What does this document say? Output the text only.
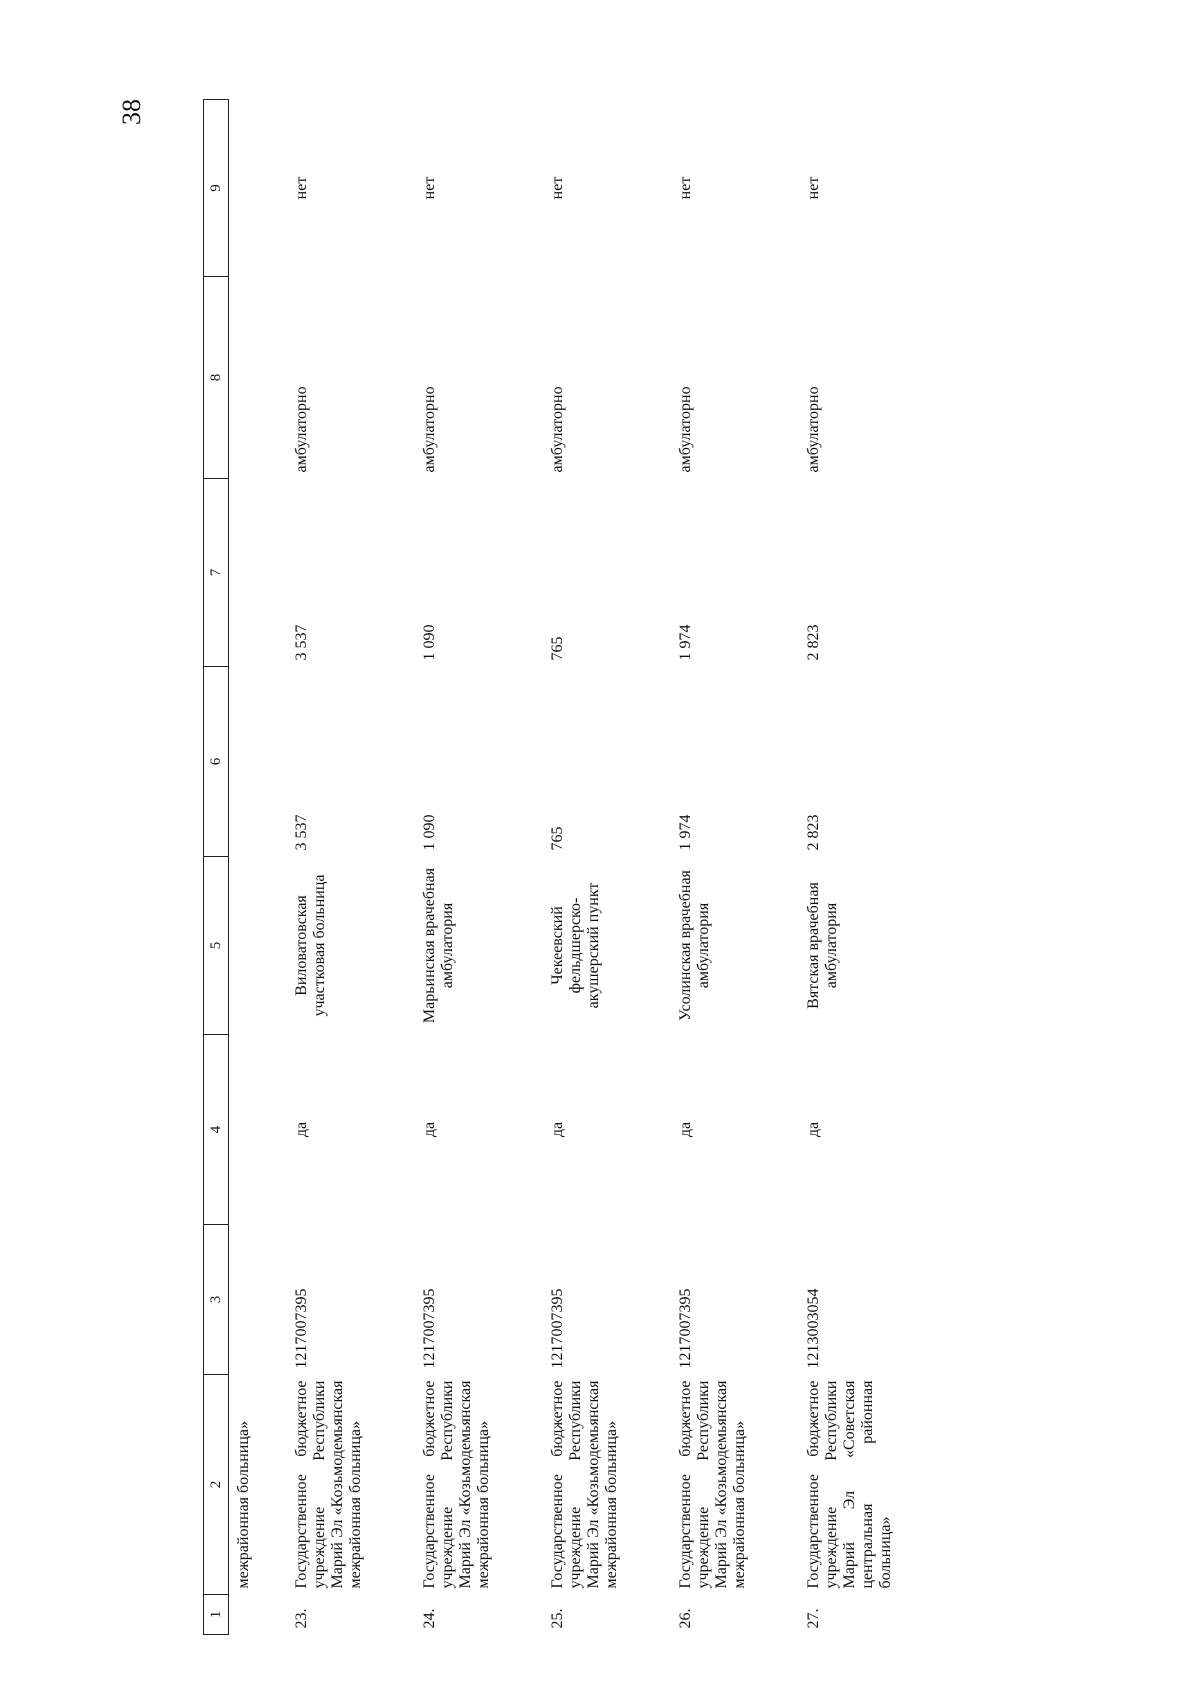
38
1	2	3	4	5	6	7	8	9
	межрайонная больница»							
23.	Государственное бюджетное учреждение Республики Марий Эл «Козьмодемьянская межрайонная больница»	1217007395	да	Виловатовская участковая больница	3 537	3 537	амбулаторно	нет
24.	Государственное бюджетное учреждение Республики Марий Эл «Козьмодемьянская межрайонная больница»	1217007395	да	Марьинская врачебная амбулатория	1 090	1 090	амбулаторно	нет
25.	Государственное бюджетное учреждение Республики Марий Эл «Козьмодемьянская межрайонная больница»	1217007395	да	Чекеевский фельдшерско-акушерский пункт	765	765	амбулаторно	нет
26.	Государственное бюджетное учреждение Республики Марий Эл «Козьмодемьянская межрайонная больница»	1217007395	да	Усолинская врачебная амбулатория	1 974	1 974	амбулаторно	нет
27.	Государственное бюджетное учреждение Республики Марий Эл «Советская центральная районная больница»	1213003054	да	Вятская врачебная амбулатория	2 823	2 823	амбулаторно	нет
